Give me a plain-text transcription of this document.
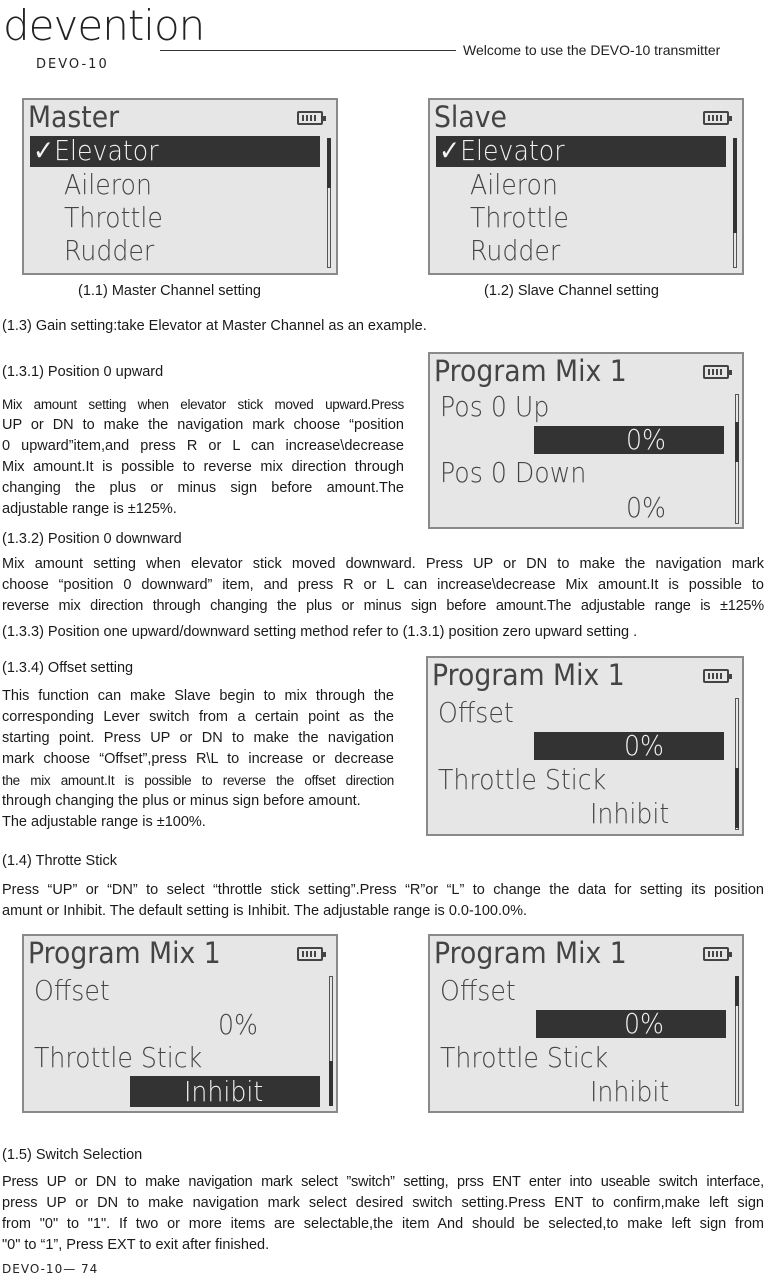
devention
DEVO-10
Welcome to use the DEVO-10 transmitter
Master
✓Elevator
Aileron
Throttle
Rudder
(1.1) Master Channel setting
Slave
✓Elevator
Aileron
Throttle
Rudder
(1.2) Slave Channel setting
(1.3) Gain setting:take Elevator at Master Channel as an example.
(1.3.1) Position 0 upward
Mix amount setting when elevator stick moved upward.Press
UP or DN to make the navigation mark choose “position
0 upward”item,and press R or L can increase\decrease
Mix amount.It is possible to reverse mix direction through
changing the plus or minus sign before amount.The
adjustable range is ±125%.
Program Mix 1
Pos 0 Up
0%
Pos 0 Down
0%
(1.3.2) Position 0 downward
Mix amount setting when elevator stick moved downward. Press UP or DN to make the navigation mark
choose “position 0 downward” item, and press R or L can increase\decrease Mix amount.It is possible to
reverse mix direction through changing the plus or minus sign before amount.The adjustable range is ±125%
(1.3.3) Position one upward/downward setting method refer to (1.3.1) position zero upward setting .
(1.3.4) Offset setting
This function can make Slave begin to mix through the
corresponding Lever switch from a certain point as the
starting point. Press UP or DN to make the navigation
mark choose “Offset”,press R\L to increase or decrease
the mix amount.It is possible to reverse the offset direction
through changing the plus or minus sign before amount.
The adjustable range is ±100%.
Program Mix 1
Offset
0%
Throttle Stick
Inhibit
(1.4) Throtte Stick
Press “UP” or “DN” to select “throttle stick setting”.Press “R”or “L” to change the data for setting its position
amunt or Inhibit. The default setting is Inhibit. The adjustable range is 0.0-100.0%.
Program Mix 1
Offset
0%
Throttle Stick
Inhibit
Program Mix 1
Offset
0%
Throttle Stick
Inhibit
(1.5) Switch Selection
Press UP or DN to make navigation mark select ”switch” setting, prss ENT enter into useable switch interface,
press UP or DN to make navigation mark select desired switch setting.Press ENT to confirm,make left sign
from "0" to "1". If two or more items are selectable,the item And should be selected,to make left sign from
"0" to “1”, Press EXT to exit after finished.
DEVO-10— 74
